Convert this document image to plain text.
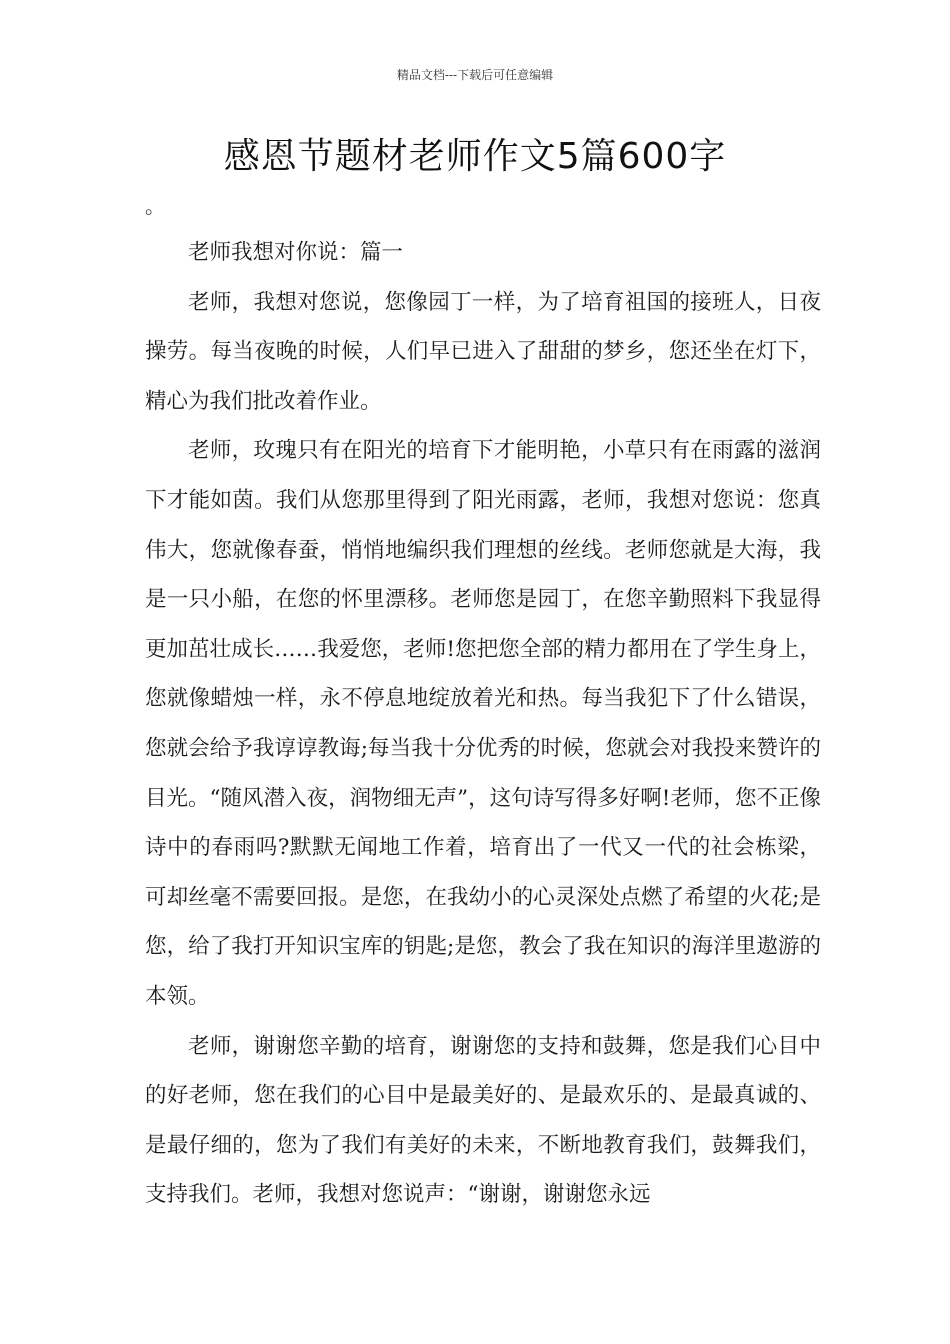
精品文档---下载后可任意编辑

感恩节题材老师作文5篇600字

。

老师我想对你说：篇一

老师，我想对您说，您像园丁一样，为了培育祖国的接班人，日夜操劳。每当夜晚的时候，人们早已进入了甜甜的梦乡，您还坐在灯下，精心为我们批改着作业。

老师，玫瑰只有在阳光的培育下才能明艳，小草只有在雨露的滋润下才能如茵。我们从您那里得到了阳光雨露，老师，我想对您说：您真伟大，您就像春蚕，悄悄地编织我们理想的丝线。老师您就是大海，我是一只小船，在您的怀里漂移。老师您是园丁，在您辛勤照料下我显得更加茁壮成长……我爱您，老师!您把您全部的精力都用在了学生身上，您就像蜡烛一样，永不停息地绽放着光和热。每当我犯下了什么错误，您就会给予我谆谆教诲;每当我十分优秀的时候，您就会对我投来赞许的目光。“随风潜入夜，润物细无声”，这句诗写得多好啊!老师，您不正像诗中的春雨吗?默默无闻地工作着，培育出了一代又一代的社会栋梁，可却丝毫不需要回报。是您，在我幼小的心灵深处点燃了希望的火花;是您，给了我打开知识宝库的钥匙;是您，教会了我在知识的海洋里遨游的本领。

老师，谢谢您辛勤的培育，谢谢您的支持和鼓舞，您是我们心目中的好老师，您在我们的心目中是最美好的、是最欢乐的、是最真诚的、是最仔细的，您为了我们有美好的未来，不断地教育我们，鼓舞我们，支持我们。老师，我想对您说声：“谢谢，谢谢您永远
